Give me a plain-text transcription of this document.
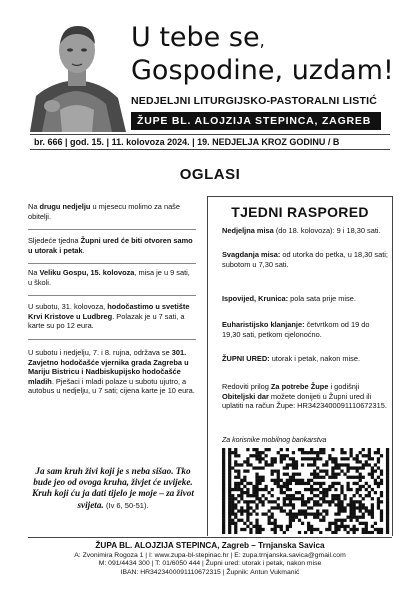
U tebe se,
Gospodine, uzdam!
NEDJELJNI LITURGIJSKO-PASTORALNI LISTIĆ
ŽUPE BL. ALOJZIJA STEPINCA, ZAGREB
br. 666 | god. 15. | 11. kolovoza 2024. | 19. NEDJELJA KROZ GODINU / B
OGLASI
Na drugu nedjelju u mjesecu molimo za naše obitelji.
Sljedeće tjedna Župni ured će biti otvoren samo u utorak i petak.
Na Veliku Gospu, 15. kolovoza, misa je u 9 sati, u školi.
U subotu, 31. kolovoza, hodočastimo u svetište Krvi Kristove u Ludbreg. Polazak je u 7 sati, a karte su po 12 eura.
U subotu i nedjelju, 7. i 8. rujna, održava se 301. Zavjetno hodočašće vjernika grada Zagreba u Mariju Bistricu i Nadbiskupijsko hodočašće mladih. Pješaci i mladi polaze u subotu ujutro, a autobus u nedjelju, u 7 sati; cijena karte je 10 eura.
Ja sam kruh živi koji je s neba sišao. Tko bude jeo od ovoga kruha, živjet će uvijeke. Kruh koji ću ja dati tijelo je moje – za život svijeta. (Iv 6, 50-51).
TJEDNI RASPORED
Nedjeljna misa (do 18. kolovoza): 9 i 18,30 sati.
Svagdanja misa: od utorka do petka, u 18,30 sati; subotom u 7,30 sati.
Ispovijed, Krunica: pola sata prije mise.
Euharistijsko klanjanje: četvrtkom od 19 do 19,30 sati, petkom cjelonoćno.
ŽUPNI URED: utorak i petak, nakon mise.
Redoviti prilog Za potrebe Župe i godišnji Obiteljski dar možete donijeti u Župni ured ili uplatiti na račun Župe: HR3423400091110672315.
Za korisnike mobilnog bankarstva
ŽUPA BL. ALOJZIJA STEPINCA, Zagreb – Trnjanska Savica
A: Zvonimira Rogoza 1 | I: www.zupa-bl-stepinac.hr | E: zupa.trnjanska.savica@gmail.com
M: 091/4434 300 | T: 01/6050 444 | Župni ured: utorak i petak, nakon mise
IBAN: HR3423400091110672315 | Župnik: Antun Vukmanić
